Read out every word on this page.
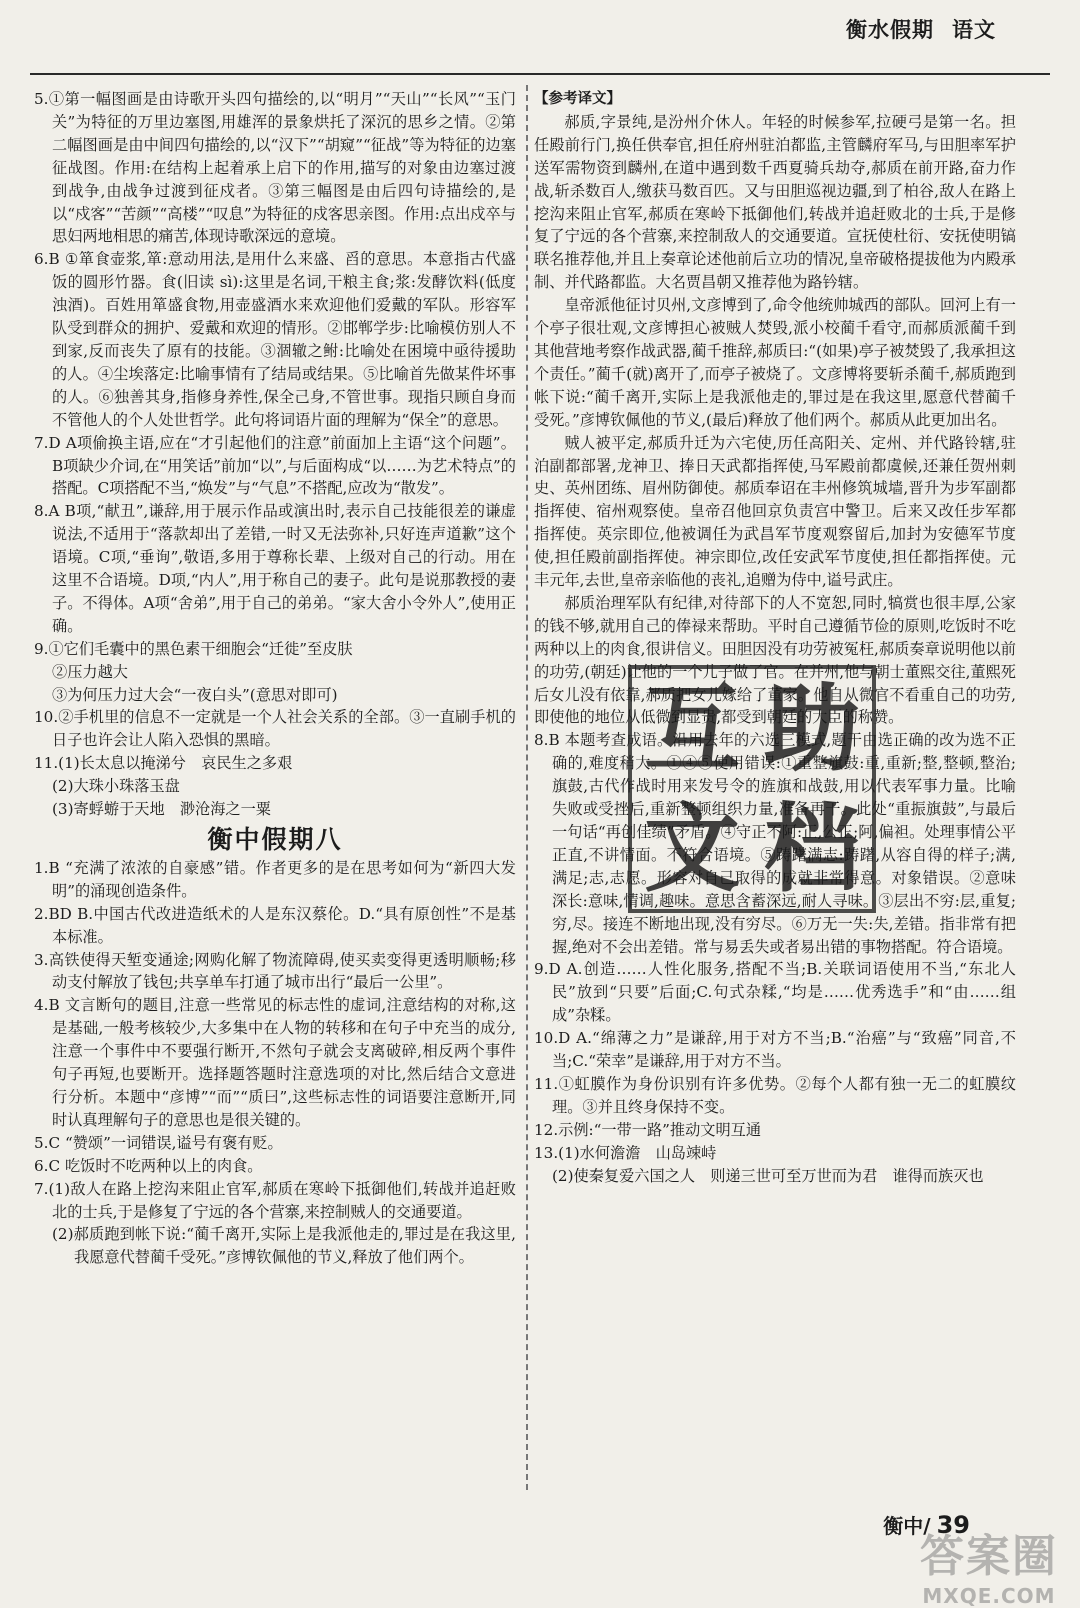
衡水假期 语文

5.①第一幅图画是由诗歌开头四句描绘的,以“明月”“天山”“长风”“玉门关”为特征的万里边塞图,用雄浑的景象烘托了深沉的思乡之情。②第二幅图画是由中间四句描绘的,以“汉下”“胡窥”“征战”等为特征的边塞征战图。作用:在结构上起着承上启下的作用,描写的对象由边塞过渡到战争,由战争过渡到征戍者。③第三幅图是由后四句诗描绘的,是以“戍客”“苦颜”“高楼”“叹息”为特征的戍客思亲图。作用:点出戍卒与思妇两地相思的痛苦,体现诗歌深远的意境。

6.B ①箪食壶浆,箪:意动用法,是用什么来盛、舀的意思。本意指古代盛饭的圆形竹器。食(旧读 sì):这里是名词,干粮主食;浆:发酵饮料(低度浊酒)。百姓用箪盛食物,用壶盛酒水来欢迎他们爱戴的军队。形容军队受到群众的拥护、爱戴和欢迎的情形。②邯郸学步:比喻模仿别人不到家,反而丧失了原有的技能。③涸辙之鲋:比喻处在困境中亟待援助的人。④尘埃落定:比喻事情有了结局或结果。⑤比喻首先做某件坏事的人。⑥独善其身,指修身养性,保全己身,不管世事。现指只顾自身而不管他人的个人处世哲学。此句将词语片面的理解为“保全”的意思。

7.D A项偷换主语,应在“才引起他们的注意”前面加上主语“这个问题”。B项缺少介词,在“用笑话”前加“以”,与后面构成“以……为艺术特点”的搭配。C项搭配不当,“焕发”与“气息”不搭配,应改为“散发”。

8.A B项,“献丑”,谦辞,用于展示作品或演出时,表示自己技能很差的谦虚说法,不适用于“落款却出了差错,一时又无法弥补,只好连声道歉”这个语境。C项,“垂询”,敬语,多用于尊称长辈、上级对自己的行动。用在这里不合语境。D项,“内人”,用于称自己的妻子。此句是说那教授的妻子。不得体。A项“舍弟”,用于自己的弟弟。“家大舍小令外人”,使用正确。

9.①它们毛囊中的黑色素干细胞会“迁徙”至皮肤

②压力越大

③为何压力过大会“一夜白头”(意思对即可)

10.②手机里的信息不一定就是一个人社会关系的全部。③一直刷手机的日子也许会让人陷入恐惧的黑暗。

11.(1)长太息以掩涕兮　哀民生之多艰

(2)大珠小珠落玉盘

(3)寄蜉蝣于天地　渺沧海之一粟

衡中假期八

1.B “充满了浓浓的自豪感”错。作者更多的是在思考如何为“新四大发明”的涌现创造条件。

2.BD B.中国古代改进造纸术的人是东汉蔡伦。D.“具有原创性”不是基本标准。

3.高铁使得天堑变通途;网购化解了物流障碍,使买卖变得更透明顺畅;移动支付解放了钱包;共享单车打通了城市出行“最后一公里”。

4.B 文言断句的题目,注意一些常见的标志性的虚词,注意结构的对称,这是基础,一般考核较少,大多集中在人物的转移和在句子中充当的成分,注意一个事件中不要强行断开,不然句子就会支离破碎,相反两个事件句子再短,也要断开。选择题答题时注意选项的对比,然后结合文意进行分析。本题中“彦博”“而”“质曰”,这些标志性的词语要注意断开,同时认真理解句子的意思也是很关键的。

5.C “赞颂”一词错误,谥号有褒有贬。

6.C 吃饭时不吃两种以上的肉食。

7.(1)敌人在路上挖沟来阻止官军,郝质在寒岭下抵御他们,转战并追赶败北的士兵,于是修复了宁远的各个营寨,来控制贼人的交通要道。

(2)郝质跑到帐下说:“蔺千离开,实际上是我派他走的,罪过是在我这里,我愿意代替蔺千受死。”彦博钦佩他的节义,释放了他们两个。

【参考译文】

郝质,字景纯,是汾州介休人。年轻的时候参军,拉硬弓是第一名。担任殿前行门,换任供奉官,担任府州驻泊都监,主管麟府军马,与田胆率军护送军需物资到麟州,在道中遇到数千西夏骑兵劫夺,郝质在前开路,奋力作战,斩杀数百人,缴获马数百匹。又与田胆巡视边疆,到了柏谷,敌人在路上挖沟来阻止官军,郝质在寒岭下抵御他们,转战并追赶败北的士兵,于是修复了宁远的各个营寨,来控制敌人的交通要道。宣抚使杜衍、安抚使明镐联名推荐他,并且上奏章论述他前后立功的情况,皇帝破格提拔他为内殿承制、并代路都监。大名贾昌朝又推荐他为路钤辖。

皇帝派他征讨贝州,文彦博到了,命令他统帅城西的部队。回河上有一个亭子很壮观,文彦博担心被贼人焚毁,派小校蔺千看守,而郝质派蔺千到其他营地考察作战武器,蔺千推辞,郝质曰:“(如果)亭子被焚毁了,我承担这个责任。”蔺千(就)离开了,而亭子被烧了。文彦博将要斩杀蔺千,郝质跑到帐下说:“蔺千离开,实际上是我派他走的,罪过是在我这里,愿意代替蔺千受死。”彦博钦佩他的节义,(最后)释放了他们两个。郝质从此更加出名。

贼人被平定,郝质升迁为六宅使,历任高阳关、定州、并代路铃辖,驻泊副都部署,龙神卫、捧日天武都指挥使,马军殿前都虞候,还兼任贺州刺史、英州团练、眉州防御使。郝质奉诏在丰州修筑城墙,晋升为步军副都指挥使、宿州观察使。皇帝召他回京负责宫中警卫。后来又改任步军都指挥使。英宗即位,他被调任为武昌军节度观察留后,加封为安德军节度使,担任殿前副指挥使。神宗即位,改任安武军节度使,担任都指挥使。元丰元年,去世,皇帝亲临他的丧礼,追赠为侍中,谥号武庄。

郝质治理军队有纪律,对待部下的人不宽恕,同时,犒赏也很丰厚,公家的钱不够,就用自己的俸禄来帮助。平时自己遵循节俭的原则,吃饭时不吃两种以上的肉食,很讲信义。田胆因没有功劳被冤枉,郝质奏章说明他以前的功劳,(朝廷)让他的一个儿子做了官。在并州,他与朝士董熙交往,董熙死后女儿没有依靠,郝质把女儿嫁给了董家。他自从微官不看重自己的功劳,即使他的地位从低微到显贵,都受到朝廷的大臣的称赞。

8.B 本题考查成语。沿用去年的六选三模式,题干由选正确的改为选不正确的,难度稍大。①④⑤使用错误:①重整旗鼓:重,重新;整,整顿,整治;旗鼓,古代作战时用来发号令的旌旗和战鼓,用以代表军事力量。比喻失败或受挫后,重新整顿组织力量,准备再干。此处“重振旗鼓”,与最后一句话“再创佳绩”矛盾。④守正不阿:正,公正;阿,偏袒。处理事情公平正直,不讲情面。不符合语境。⑤踌躇满志:踌躇,从容自得的样子;满,满足;志,志愿。形容对自己取得的成就非常得意。对象错误。②意味深长:意味,情调,趣味。意思含蓄深远,耐人寻味。③层出不穷:层,重复;穷,尽。接连不断地出现,没有穷尽。⑥万无一失:失,差错。指非常有把握,绝对不会出差错。常与易丢失或者易出错的事物搭配。符合语境。

9.D A.创造……人性化服务,搭配不当;B.关联词语使用不当,“东北人民”放到“只要”后面;C.句式杂糅,“均是……优秀选手”和“由……组成”杂糅。

10.D A.“绵薄之力”是谦辞,用于对方不当;B.“治癌”与“致癌”同音,不当;C.“荣幸”是谦辞,用于对方不当。

11.①虹膜作为身份识别有许多优势。②每个人都有独一无二的虹膜纹理。③并且终身保持不变。

12.示例:“一带一路”推动文明互通

13.(1)水何澹澹　山岛竦峙

(2)使秦复爱六国之人　则递三世可至万世而为君　谁得而族灭也

互 助
文 档
衡中/ 39
答案圈
MXQE.COM
